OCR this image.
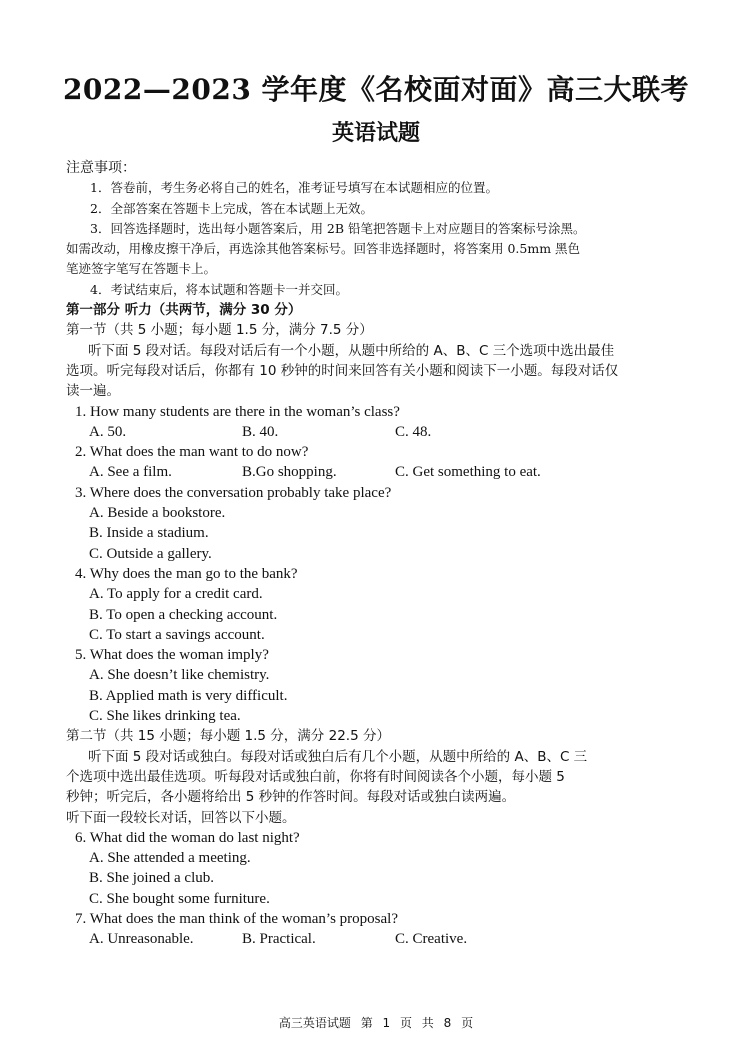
2022—2023 学年度《名校面对面》高三大联考
英语试题
注意事项：
1．答卷前，考生务必将自己的姓名，准考证号填写在本试题相应的位置。
2．全部答案在答题卡上完成，答在本试题上无效。
3．回答选择题时，选出每小题答案后，用 2B 铅笔把答题卡上对应题目的答案标号涂黑。
如需改动，用橡皮擦干净后，再选涂其他答案标号。回答非选择题时，将答案用 0.5mm 黑色
笔迹签字笔写在答题卡上。
4．考试结束后，将本试题和答题卡一并交回。
第一部分 听力（共两节，满分 30 分）
第一节（共 5 小题；每小题 1.5 分，满分 7.5 分）
听下面 5 段对话。每段对话后有一个小题，从题中所给的 A、B、C 三个选项中选出最佳
选项。听完每段对话后，你都有 10 秒钟的时间来回答有关小题和阅读下一小题。每段对话仅
读一遍。
1. How many students are there in the woman’s class?
A. 50.	B. 40.	C. 48.
2. What does the man want to do now?
A. See a film.	B.Go shopping.	C. Get something to eat.
3. Where does the conversation probably take place?
A. Beside a bookstore.
B. Inside a stadium.
C. Outside a gallery.
4. Why does the man go to the bank?
A. To apply for a credit card.
B. To open a checking account.
C. To start a savings account.
5. What does the woman imply?
A. She doesn’t like chemistry.
B. Applied math is very difficult.
C. She likes drinking tea.
第二节（共 15 小题；每小题 1.5 分，满分 22.5 分）
听下面 5 段对话或独白。每段对话或独白后有几个小题，从题中所给的 A、B、C 三
个选项中选出最佳选项。听每段对话或独白前，你将有时间阅读各个小题，每小题 5
秒钟；听完后，各小题将给出 5 秒钟的作答时间。每段对话或独白读两遍。
听下面一段较长对话，回答以下小题。
6. What did the woman do last night?
A. She attended a meeting.
B. She joined a club.
C. She bought some furniture.
7. What does the man think of the woman’s proposal?
A. Unreasonable.	B. Practical.	C. Creative.
高三英语试题 第 1 页 共 8 页
